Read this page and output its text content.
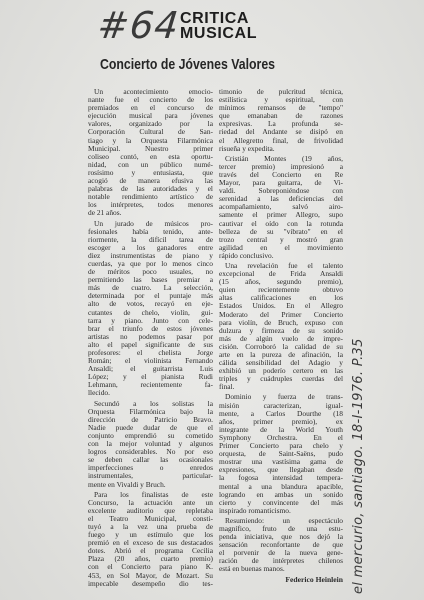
#64
CRITICA
MUSICAL
Concierto de Jóvenes Valores
Un acontecimiento emocio-
nante fue el concierto de los
premiados en el concurso de
ejecución musical para jóvenes
valores, organizado por la
Corporación Cultural de San-
tiago y la Orquesta Filarmónica
Municipal. Nuestro primer
coliseo contó, en esta oportu-
nidad, con un público numé-
rosísimo y entusiasta, que
acogió de manera efusiva las
palabras de las autoridades y el
notable rendimiento artístico de
los intérpretes, todos menores
de 21 años.
Un jurado de músicos pro-
fesionales había tenido, ante-
riormente, la difícil tarea de
escoger a los ganadores entre
diez instrumentistas de piano y
cuerdas, ya que por lo menos cinco
de méritos poco usuales, no
permitiendo las bases premiar a
más de cuatro. La selección,
determinada por el puntaje más
alto de votos, recayó en eje-
cutantes de chelo, violín, gui-
tarra y piano. Junto con cele-
brar el triunfo de estos jóvenes
artistas no podemos pasar por
alto el papel significante de sus
profesores: el chelista Jorge
Román; el violinista Fernando
Ansaldi; el guitarrista Luis
López; y el pianista Rudi
Lehmann, recientemente fa-
llecido.
Secundó a los solistas la
Orquesta Filarmónica bajo la
dirección de Patricio Bravo.
Nadie puede dudar de que el
conjunto emprendió su cometido
con la mejor voluntad y algunos
logros considerables. No por eso
se deben callar las ocasionales
imperfecciones o enredos
instrumentales, particular-
mente en Vivaldi y Bruch.
Para los finalistas de este
Concurso, la actuación ante un
excelente auditorio que repletaba
el Teatro Municipal, consti-
tuyó a la vez una prueba de
fuego y un estímulo que los
premió en el exceso de sus destacados
dotes. Abrió el programa Cecilia
Plaza (20 años, cuarto premio)
con el Concierto para piano K.
453, en Sol Mayor, de Mozart. Su
impecable desempeño dio tes-
timonio de pulcritud técnica,
estilística y espiritual, con
mínimos remansos de "tempo"
que emanaban de razones
expresivas. La profunda se-
riedad del Andante se disipó en
el Allegretto final, de frivolidad
risueña y expedita.
Cristián Montes (19 años,
tercer premio) impresionó a
través del Concierto en Re
Mayor, para guitarra, de Vi-
valdi. Sobreponiéndose con
serenidad a las deficiencias del
acompañamiento, salvó airo-
samente el primer Allegro, supo
cautivar el oído con la rotunda
belleza de su "vibrato" en el
trozo central y mostró gran
agilidad en el movimiento
rápido conclusivo.
Una revelación fue el talento
excepcional de Frida Ansaldi
(15 años, segundo premio),
quien recientemente obtuvo
altas calificaciones en los
Estados Unidos. En el Allegro
Moderato del Primer Concierto
para violín, de Bruch, expuso con
dulzura y firmeza de su sonido
más de algún vuelo de impre-
cisión. Corroboró la calidad de su
arte en la pureza de afinación, la
cálida sensibilidad del Adagio y
exhibió un poderío certero en las
triples y cuádruples cuerdas del
final.
Dominio y fuerza de trans-
misión caracterizan, igual-
mente, a Carlos Dourthe (18
años, primer premio), ex
integrante de la World Youth
Symphony Orchestra. En el
Primer Concierto para chelo y
orquesta, de Saint-Saëns, pudo
mostrar una vastísima gama de
expresiones, que llegaban desde
la fogosa intensidad tempera-
mental a una blandura apacible,
logrando en ambas un sonido
cierto y convincente del más
inspirado romanticismo.
Resumiendo: un espectáculo
magnífico, fruto de una estu-
penda iniciativa, que nos dejó la
sensación reconfortante de que
el porvenir de la nueva gene-
ración de intérpretes chilenos
está en buenas manos.
Federico Heinlein el mercurio, santiago. 18-I-1976. P.35
